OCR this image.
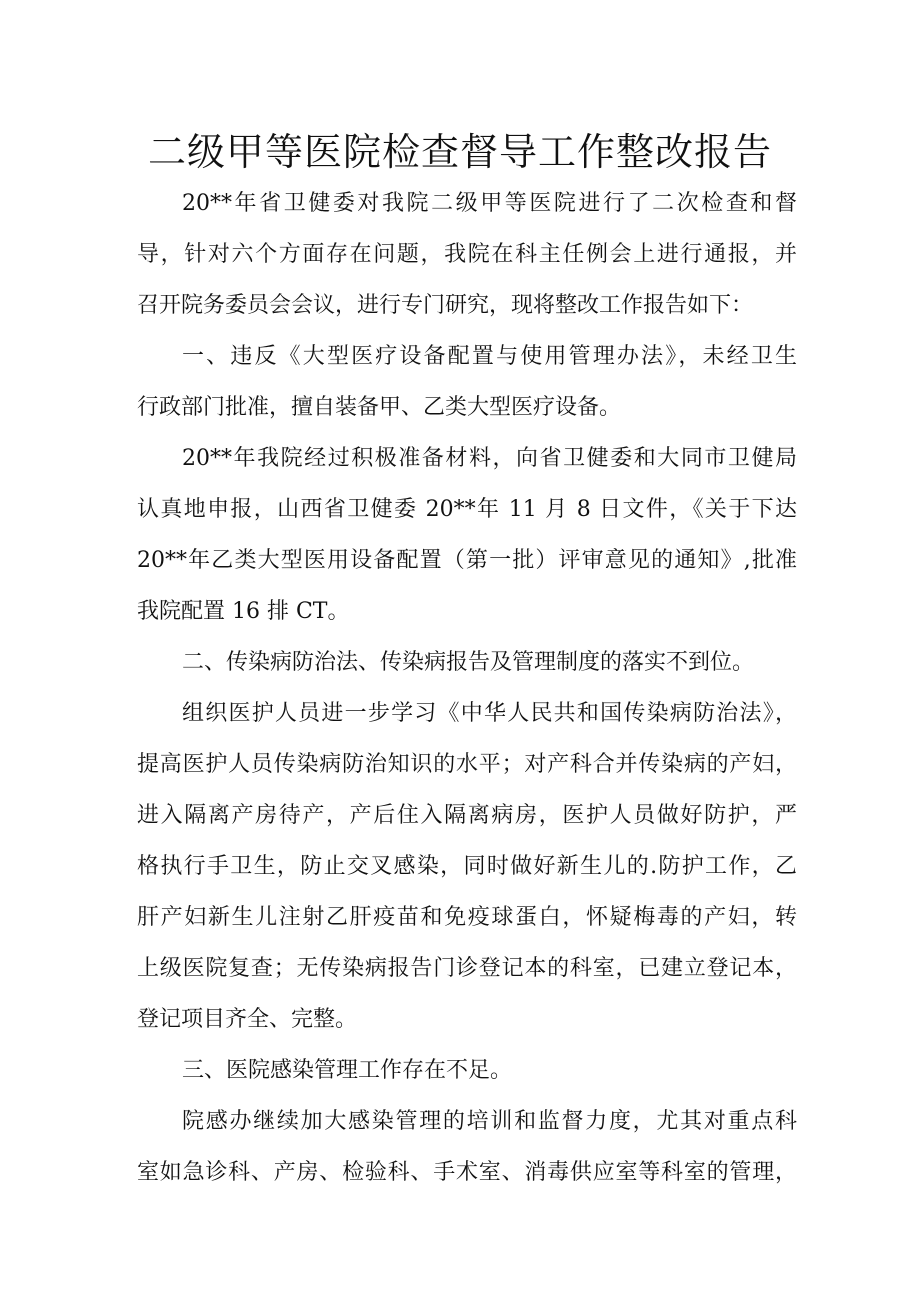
二级甲等医院检查督导工作整改报告

20**年省卫健委对我院二级甲等医院进行了二次检查和督

导，针对六个方面存在问题，我院在科主任例会上进行通报，并

召开院务委员会会议，进行专门研究，现将整改工作报告如下：

一、违反《大型医疗设备配置与使用管理办法》，未经卫生

行政部门批准，擅自装备甲、乙类大型医疗设备。

20**年我院经过积极准备材料，向省卫健委和大同市卫健局

认真地申报，山西省卫健委 20**年 11 月 8 日文件，《关于下达

20**年乙类大型医用设备配置（第一批）评审意见的通知》,批准

我院配置 16 排 CT。

二、传染病防治法、传染病报告及管理制度的落实不到位。

组织医护人员进一步学习《中华人民共和国传染病防治法》，

提高医护人员传染病防治知识的水平；对产科合并传染病的产妇，

进入隔离产房待产，产后住入隔离病房，医护人员做好防护，严

格执行手卫生，防止交叉感染，同时做好新生儿的.防护工作，乙

肝产妇新生儿注射乙肝疫苗和免疫球蛋白，怀疑梅毒的产妇，转

上级医院复查；无传染病报告门诊登记本的科室，已建立登记本，

登记项目齐全、完整。

三、医院感染管理工作存在不足。

院感办继续加大感染管理的培训和监督力度，尤其对重点科

室如急诊科、产房、检验科、手术室、消毒供应室等科室的管理，
